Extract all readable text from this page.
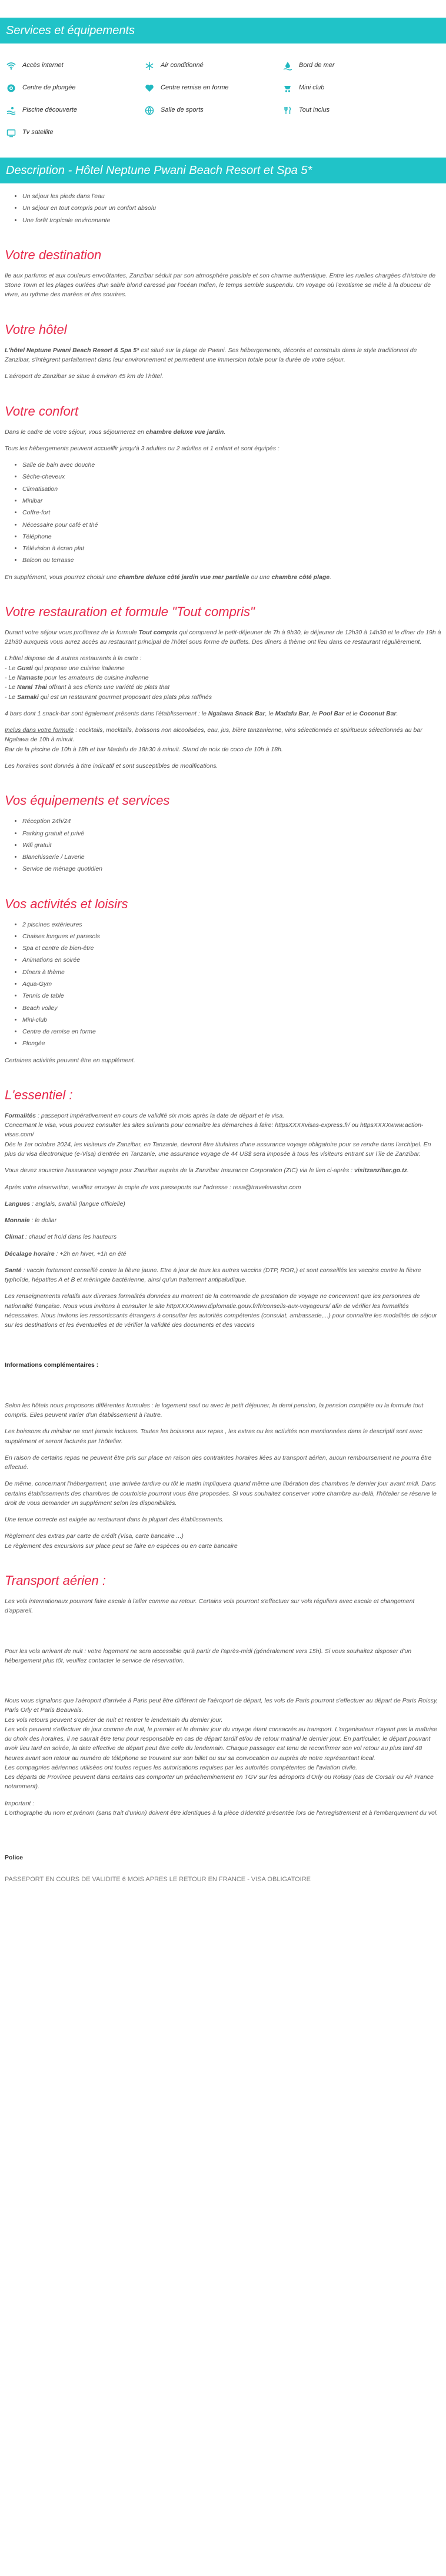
Services et équipements
Accès internet	Air conditionné	Bord de mer
Centre de plongée	Centre remise en forme	Mini club
Piscine découverte	Salle de sports	Tout inclus
Tv satellite
Description - Hôtel Neptune Pwani Beach Resort et Spa 5*
• Un séjour les pieds dans l'eau
• Un séjour en tout compris pour un confort absolu
• Une forêt tropicale environnante
Votre destination

Ile aux parfums et aux couleurs envoûtantes, Zanzibar séduit par son atmosphère paisible et son charme authentique. Entre les ruelles chargées d'histoire de Stone Town et les plages ourlées d'un sable blond caressé par l'océan Indien, le temps semble suspendu. Un voyage où l'exotisme se mêle à la douceur de vivre, au rythme des marées et des sourires.

Votre hôtel

L'hôtel Neptune Pwani Beach Resort & Spa 5* est situé sur la plage de Pwani. Ses hébergements, décorés et construits dans le style traditionnel de Zanzibar, s'intègrent parfaitement dans leur environnement et permettent une immersion totale pour la durée de votre séjour.

L'aéroport de Zanzibar se situe à environ 45 km de l'hôtel.

Votre confort

Dans le cadre de votre séjour, vous séjournerez en chambre deluxe vue jardin.

Tous les hébergements peuvent accueillir jusqu'à 3 adultes ou 2 adultes et 1 enfant et sont équipés :

• Salle de bain avec douche
• Sèche-cheveux
• Climatisation
• Minibar
• Coffre-fort
• Nécessaire pour café et thé
• Téléphone
• Télévision à écran plat
• Balcon ou terrasse

En supplément, vous pourrez choisir une chambre deluxe côté jardin vue mer partielle ou une chambre côté plage.

Votre restauration et formule "Tout compris"

Durant votre séjour vous profiterez de la formule Tout compris qui comprend le petit-déjeuner de 7h à 9h30, le déjeuner de 12h30 à 14h30 et le dîner de 19h à 21h30 auxquels vous aurez accès au restaurant principal de l'hôtel sous forme de buffets. Des dîners à thème ont lieu dans ce restaurant régulièrement.

L'hôtel dispose de 4 autres restaurants à la carte :
- Le Gusti qui propose une cuisine italienne
- Le Namaste pour les amateurs de cuisine indienne
- Le Naral Thai offrant à ses clients une variété de plats thaï
- Le Samaki qui est un restaurant gourmet proposant des plats plus raffinés

4 bars dont 1 snack-bar sont également présents dans l'établissement : le Ngalawa Snack Bar, le Madafu Bar, le Pool Bar et le Coconut Bar.

Inclus dans votre formule : cocktails, mocktails, boissons non alcoolisées, eau, jus, bière tanzanienne, vins sélectionnés et spiritueux sélectionnés au bar Ngalawa de 10h à minuit.
Bar de la piscine de 10h à 18h et bar Madafu de 18h30 à minuit. Stand de noix de coco de 10h à 18h.

Les horaires sont donnés à titre indicatif et sont susceptibles de modifications.

Vos équipements et services
• Réception 24h/24
• Parking gratuit et privé
• Wifi gratuit
• Blanchisserie / Laverie
• Service de ménage quotidien
Vos activités et loisirs
• 2 piscines extérieures
• Chaises longues et parasols
• Spa et centre de bien-être
• Animations en soirée
• Dîners à thème
• Aqua-Gym
• Tennis de table
• Beach volley
• Mini-club
• Centre de remise en forme
• Plongée

Certaines activités peuvent être en supplément.

L'essentiel :

Formalités : passeport impérativement en cours de validité six mois après la date de départ et le visa.
Concernant le visa, vous pouvez consulter les sites suivants pour connaître les démarches à faire: httpsXXXXvisas-express.fr/ ou httpsXXXXwww.action-visas.com/
Dès le 1er octobre 2024, les visiteurs de Zanzibar, en Tanzanie, devront être titulaires d'une assurance voyage obligatoire pour se rendre dans l'archipel. En plus du visa électronique (e-Visa) d'entrée en Tanzanie, une assurance voyage de 44 US$ sera imposée à tous les visiteurs entrant sur l'île de Zanzibar.

Vous devez souscrire l'assurance voyage pour Zanzibar auprès de la Zanzibar Insurance Corporation (ZIC) via le lien ci-après : visitzanzibar.go.tz.

Après votre réservation, veuillez envoyer la copie de vos passeports sur l'adresse : resa@travelevasion.com

Langues : anglais, swahili (langue officielle)

Monnaie : le dollar

Climat : chaud et froid dans les hauteurs

Décalage horaire : +2h en hiver, +1h en été

Santé : vaccin fortement conseillé contre la fièvre jaune. Etre à jour de tous les autres vaccins (DTP, ROR,) et sont conseillés les vaccins contre la fièvre typhoïde, hépatites A et B et méningite bactérienne, ainsi qu'un traitement antipaludique.

Les renseignements relatifs aux diverses formalités données au moment de la commande de prestation de voyage ne concernent que les personnes de nationalité française. Nous vous invitons à consulter le site httpXXXXwww.diplomatie.gouv.fr/fr/conseils-aux-voyageurs/ afin de vérifier les formalités nécessaires. Nous invitons les ressortissants étrangers à consulter les autorités compétentes (consulat, ambassade,...) pour connaître les modalités de séjour sur les destinations et les éventuelles et de vérifier la validité des documents et des vaccins

Informations complémentaires :

Selon les hôtels nous proposons différentes formules : le logement seul ou avec le petit déjeuner, la demi pension, la pension complète ou la formule tout compris. Elles peuvent varier d'un établissement à l'autre.

Les boissons du minibar ne sont jamais incluses. Toutes les boissons aux repas , les extras ou les activités non mentionnées dans le descriptif sont avec supplément et seront facturés par l'hôtelier.

En raison de certains repas ne peuvent être pris sur place en raison des contraintes horaires liées au transport aérien, aucun remboursement ne pourra être effectué.

De même, concernant l'hébergement, une arrivée tardive ou tôt le matin impliquera quand même une libération des chambres le dernier jour avant midi. Dans certains établissements des chambres de courtoisie pourront vous être proposées. Si vous souhaitez conserver votre chambre au-delà, l'hôtelier se réserve le droit de vous demander un supplément selon les disponibilités.

Une tenue correcte est exigée au restaurant dans la plupart des établissements.

Règlement des extras par carte de crédit (Visa, carte bancaire ...)
Le règlement des excursions sur place peut se faire en espèces ou en carte bancaire

Transport aérien :

Les vols internationaux pourront faire escale à l'aller comme au retour. Certains vols pourront s'effectuer sur vols réguliers avec escale et changement d'appareil.

Pour les vols arrivant de nuit : votre logement ne sera accessible qu'à partir de l'après-midi (généralement vers 15h). Si vous souhaitez disposer d'un hébergement plus tôt, veuillez contacter le service de réservation.

Nous vous signalons que l'aéroport d'arrivée à Paris peut être différent de l'aéroport de départ, les vols de Paris pourront s'effectuer au départ de Paris Roissy, Paris Orly et Paris Beauvais.
Les vols retours peuvent s'opérer de nuit et rentrer le lendemain du dernier jour.
Les vols peuvent s'effectuer de jour comme de nuit, le premier et le dernier jour du voyage étant consacrés au transport. L'organisateur n'ayant pas la maîtrise du choix des horaires, il ne saurait être tenu pour responsable en cas de départ tardif et/ou de retour matinal le dernier jour. En particulier, le départ pouvant avoir lieu tard en soirée, la date effective de départ peut être celle du lendemain. Chaque passager est tenu de reconfirmer son vol retour au plus tard 48 heures avant son retour au numéro de téléphone se trouvant sur son billet ou sur sa convocation ou auprès de notre représentant local.
Les compagnies aériennes utilisées ont toutes reçues les autorisations requises par les autorités compétentes de l'aviation civile.
Les départs de Province peuvent dans certains cas comporter un préacheminement en TGV sur les aéroports d'Orly ou Roissy (cas de Corsair ou Air France notamment).

Important :
L'orthographe du nom et prénom (sans trait d'union) doivent être identiques à la pièce d'identité présentée lors de l'enregistrement et à l'embarquement du vol.

Police

PASSEPORT EN COURS DE VALIDITE 6 MOIS APRES LE RETOUR EN FRANCE - VISA OBLIGATOIRE
